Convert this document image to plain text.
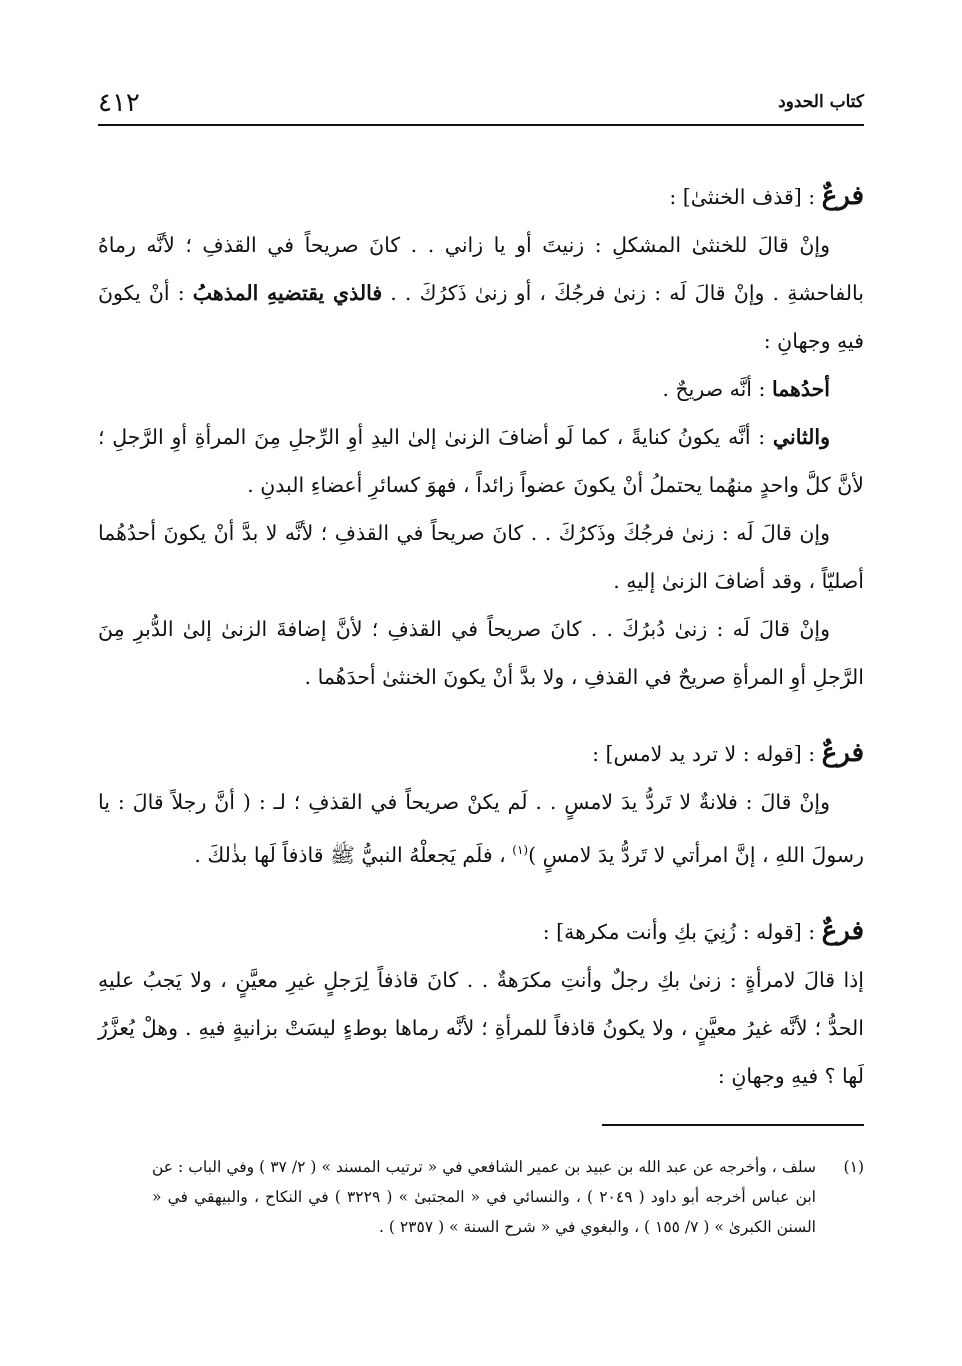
٤١٢	كتاب الحدود

فرعٌ : [قذف الخنثىٰ] :

وإنْ قالَ للخنثىٰ المشكلِ : زنيتَ أو يا زاني . . كانَ صريحاً في القذفِ ؛ لأنَّه رماهُ بالفاحشةِ . وإنْ قالَ لَه : زنىٰ فرجُكَ ، أو زنىٰ ذَكرُكَ . . فالذي يقتضيهِ المذهبُ : أنْ يكونَ فيهِ وجهانِ :

أحدُهما : أنَّه صريحٌ .

والثاني : أنَّه يكونُ كنايةً ، كما لَو أضافَ الزنىٰ إلىٰ اليدِ أوِ الرِّجلِ مِنَ المرأةِ أوِ الرَّجلِ ؛ لأنَّ كلَّ واحدٍ منهُما يحتملُ أنْ يكونَ عضواً زائداً ، فهوَ كسائرِ أعضاءِ البدنِ .

وإن قالَ لَه : زنىٰ فرجُكَ وذَكرُكَ . . كانَ صريحاً في القذفِ ؛ لأنَّه لا بدَّ أنْ يكونَ أحدُهُما أصليّاً ، وقد أضافَ الزنىٰ إليهِ .

وإنْ قالَ لَه : زنىٰ دُبرُكَ . . كانَ صريحاً في القذفِ ؛ لأنَّ إضافةَ الزنىٰ إلىٰ الدُّبرِ مِنَ الرَّجلِ أوِ المرأةِ صريحٌ في القذفِ ، ولا بدَّ أنْ يكونَ الخنثىٰ أحدَهُما .

فرعٌ : [قوله : لا ترد يد لامس] :

وإنْ قالَ : فلانةٌ لا تَردُّ يدَ لامسٍ . . لَم يكنْ صريحاً في القذفِ ؛ لـ : ( أنَّ رجلاً قالَ : يا رسولَ اللهِ ، إنَّ امرأتي لا تَردُّ يدَ لامسٍ )$^{(١)}$ ، فلَم يَجعلْهُ النبيُّ ﷺ قاذفاً لَها بذٰلكَ .

فرعٌ : [قوله : زُنِيَ بكِ وأنت مكرهة] :

إذا قالَ لامرأةٍ : زنىٰ بكِ رجلٌ وأنتِ مكرَهةٌ . . كانَ قاذفاً لِرَجلٍ غيرِ معيَّنٍ ، ولا يَجبُ عليهِ الحدُّ ؛ لأنَّه غيرُ معيَّنٍ ، ولا يكونُ قاذفاً للمرأةِ ؛ لأنَّه رماها بوطءٍ ليسَتْ بزانيةٍ فيهِ . وهلْ يُعزَّرُ لَها ؟ فيهِ وجهانِ :

(١)
سلف ، وأخرجه عن عبد الله بن عبيد بن عمير الشافعي في « ترتيب المسند » ( ٢/ ٣٧ ) وفي الباب : عن ابن عباس أخرجه أبو داود ( ٢٠٤٩ ) ، والنسائي في « المجتبىٰ » ( ٣٢٢٩ ) في النكاح ، والبيهقي في « السنن الكبرىٰ » ( ٧/ ١٥٥ ) ، والبغوي في « شرح السنة » ( ٢٣٥٧ ) .
